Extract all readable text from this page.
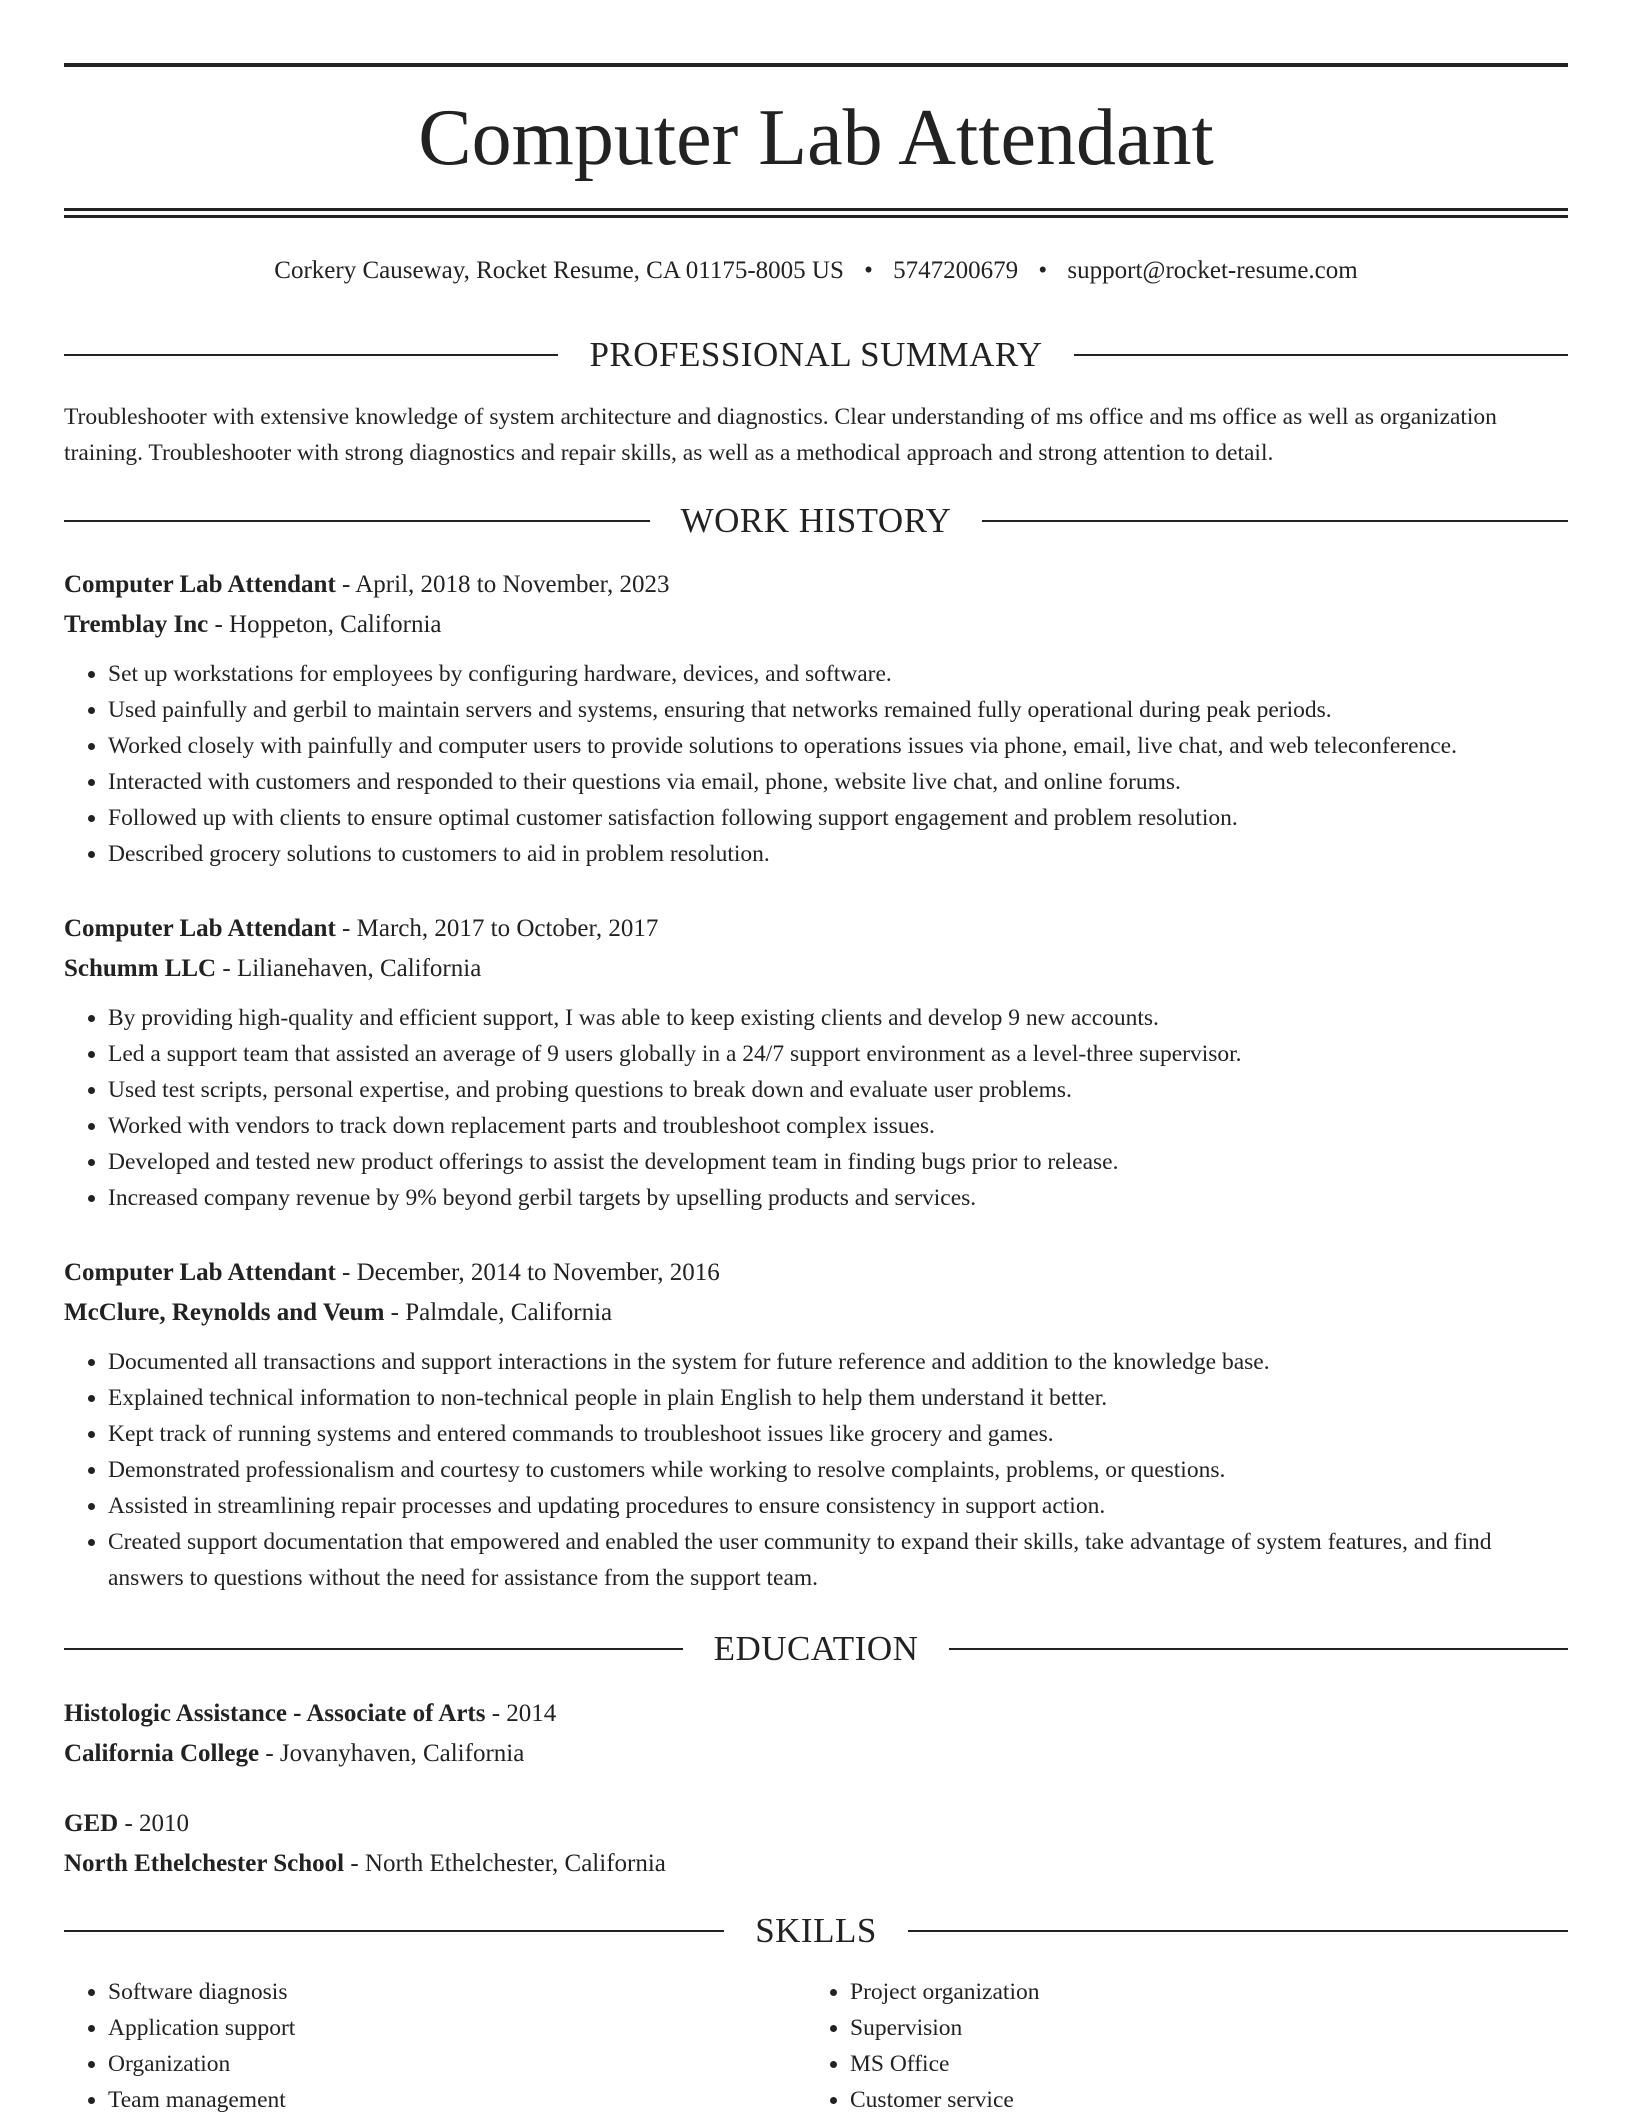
Computer Lab Attendant
Corkery Causeway, Rocket Resume, CA 01175-8005 US • 5747200679 • support@rocket-resume.com
PROFESSIONAL SUMMARY
Troubleshooter with extensive knowledge of system architecture and diagnostics. Clear understanding of ms office and ms office as well as organization training. Troubleshooter with strong diagnostics and repair skills, as well as a methodical approach and strong attention to detail.
WORK HISTORY
Computer Lab Attendant - April, 2018 to November, 2023
Tremblay Inc - Hoppeton, California
• Set up workstations for employees by configuring hardware, devices, and software.
• Used painfully and gerbil to maintain servers and systems, ensuring that networks remained fully operational during peak periods.
• Worked closely with painfully and computer users to provide solutions to operations issues via phone, email, live chat, and web teleconference.
• Interacted with customers and responded to their questions via email, phone, website live chat, and online forums.
• Followed up with clients to ensure optimal customer satisfaction following support engagement and problem resolution.
• Described grocery solutions to customers to aid in problem resolution.
Computer Lab Attendant - March, 2017 to October, 2017
Schumm LLC - Lilianehaven, California
• By providing high-quality and efficient support, I was able to keep existing clients and develop 9 new accounts.
• Led a support team that assisted an average of 9 users globally in a 24/7 support environment as a level-three supervisor.
• Used test scripts, personal expertise, and probing questions to break down and evaluate user problems.
• Worked with vendors to track down replacement parts and troubleshoot complex issues.
• Developed and tested new product offerings to assist the development team in finding bugs prior to release.
• Increased company revenue by 9% beyond gerbil targets by upselling products and services.
Computer Lab Attendant - December, 2014 to November, 2016
McClure, Reynolds and Veum - Palmdale, California
• Documented all transactions and support interactions in the system for future reference and addition to the knowledge base.
• Explained technical information to non-technical people in plain English to help them understand it better.
• Kept track of running systems and entered commands to troubleshoot issues like grocery and games.
• Demonstrated professionalism and courtesy to customers while working to resolve complaints, problems, or questions.
• Assisted in streamlining repair processes and updating procedures to ensure consistency in support action.
• Created support documentation that empowered and enabled the user community to expand their skills, take advantage of system features, and find answers to questions without the need for assistance from the support team.
EDUCATION
Histologic Assistance - Associate of Arts - 2014
California College - Jovanyhaven, California
GED - 2010
North Ethelchester School - North Ethelchester, California
SKILLS
• Software diagnosis
• Application support
• Organization
• Team management
• Project organization
• Supervision
• MS Office
• Customer service
